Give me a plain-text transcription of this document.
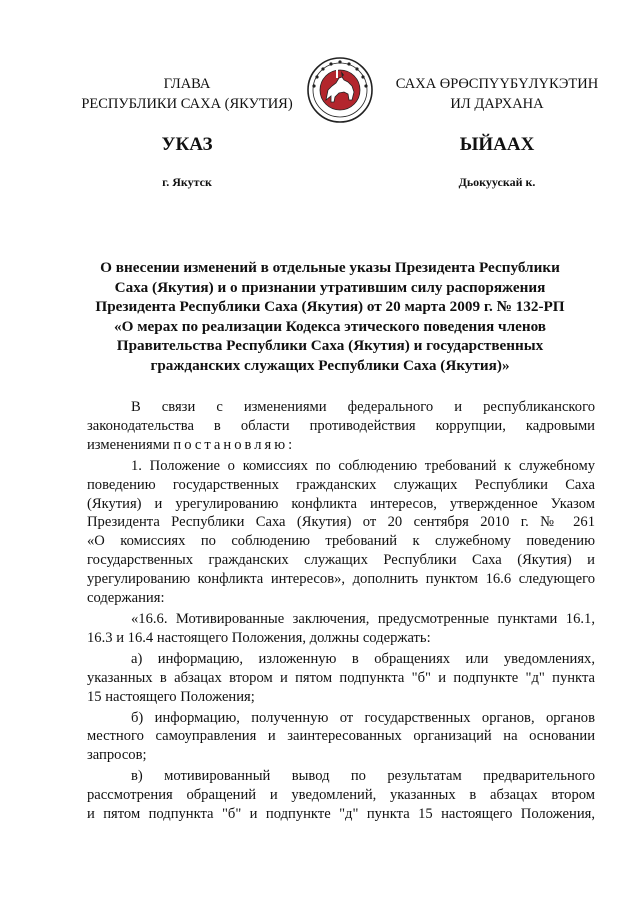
ГЛАВА
РЕСПУБЛИКИ САХА (ЯКУТИЯ)
САХА ӨРӨСПҮҮБҮЛҮКЭТИН
ИЛ ДАРХАНА
УКАЗ	ЫЙААХ
г. Якутск	Дьокуускай к.
О внесении изменений в отдельные указы Президента Республики
Саха (Якутия) и о признании утратившим силу распоряжения
Президента Республики Саха (Якутия) от 20 марта 2009 г. № 132-РП
«О мерах по реализации Кодекса этического поведения членов
Правительства Республики Саха (Якутия) и государственных
гражданских служащих Республики Саха (Якутия)»

В связи с изменениями федерального и республиканского
законодательства в области противодействия коррупции, кадровыми
изменениями постановляю:

1. Положение о комиссиях по соблюдению требований к служебному
поведению государственных гражданских служащих Республики Саха
(Якутия) и урегулированию конфликта интересов, утвержденное Указом
Президента Республики Саха (Якутия) от 20 сентября 2010 г. № 261
«О комиссиях по соблюдению требований к служебному поведению
государственных гражданских служащих Республики Саха (Якутия) и
урегулированию конфликта интересов», дополнить пунктом 16.6 следующего
содержания:

«16.6. Мотивированные заключения, предусмотренные пунктами 16.1,
16.3 и 16.4 настоящего Положения, должны содержать:

а) информацию, изложенную в обращениях или уведомлениях,
указанных в абзацах втором и пятом подпункта "б" и подпункте "д" пункта
15 настоящего Положения;

б) информацию, полученную от государственных органов, органов
местного самоуправления и заинтересованных организаций на основании
запросов;

в) мотивированный вывод по результатам предварительного
рассмотрения обращений и уведомлений, указанных в абзацах втором
и пятом подпункта "б" и подпункте "д" пункта 15 настоящего Положения,
